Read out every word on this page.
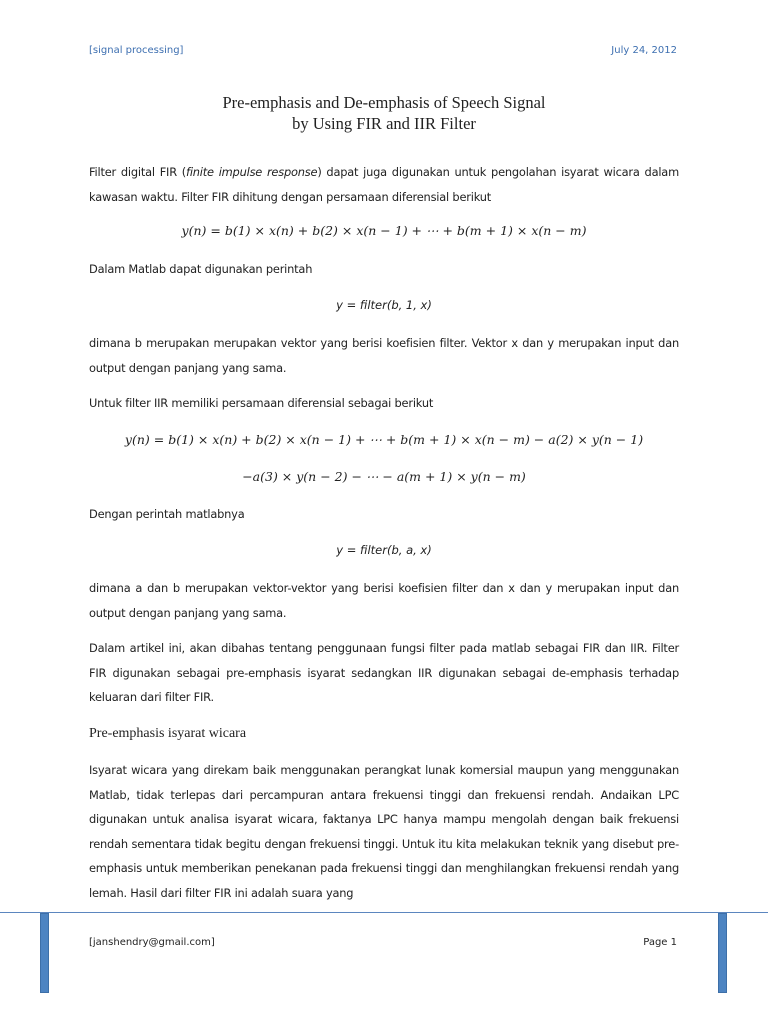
[signal processing]	July 24, 2012
Pre-emphasis and De-emphasis of Speech Signal
by Using FIR and IIR Filter
Filter digital FIR (finite impulse response) dapat juga digunakan untuk pengolahan isyarat wicara dalam kawasan waktu. Filter FIR dihitung dengan persamaan diferensial berikut
y(n) = b(1) × x(n) + b(2) × x(n − 1) + ⋯ + b(m + 1) × x(n − m)
Dalam Matlab dapat digunakan perintah
y = filter(b, 1, x)
dimana b merupakan merupakan vektor yang berisi koefisien filter. Vektor x dan y merupakan input dan output dengan panjang yang sama.
Untuk filter IIR memiliki persamaan diferensial sebagai berikut
y(n) = b(1) × x(n) + b(2) × x(n − 1) + ⋯ + b(m + 1) × x(n − m) − a(2) × y(n − 1)
−a(3) × y(n − 2) − ⋯ − a(m + 1) × y(n − m)
Dengan perintah matlabnya
y = filter(b, a, x)
dimana a dan b merupakan vektor-vektor yang berisi koefisien filter dan x dan y merupakan input dan output dengan panjang yang sama.
Dalam artikel ini, akan dibahas tentang penggunaan fungsi filter pada matlab sebagai FIR dan IIR. Filter FIR digunakan sebagai pre-emphasis isyarat sedangkan IIR digunakan sebagai de-emphasis terhadap keluaran dari filter FIR.
Pre-emphasis isyarat wicara
Isyarat wicara yang direkam baik menggunakan perangkat lunak komersial maupun yang menggunakan Matlab, tidak terlepas dari percampuran antara frekuensi tinggi dan frekuensi rendah. Andaikan LPC digunakan untuk analisa isyarat wicara, faktanya LPC hanya mampu mengolah dengan baik frekuensi rendah sementara tidak begitu dengan frekuensi tinggi. Untuk itu kita melakukan teknik yang disebut pre-emphasis untuk memberikan penekanan pada frekuensi tinggi dan menghilangkan frekuensi rendah yang lemah. Hasil dari filter FIR ini adalah suara yang
[janshendry@gmail.com]	Page 1
